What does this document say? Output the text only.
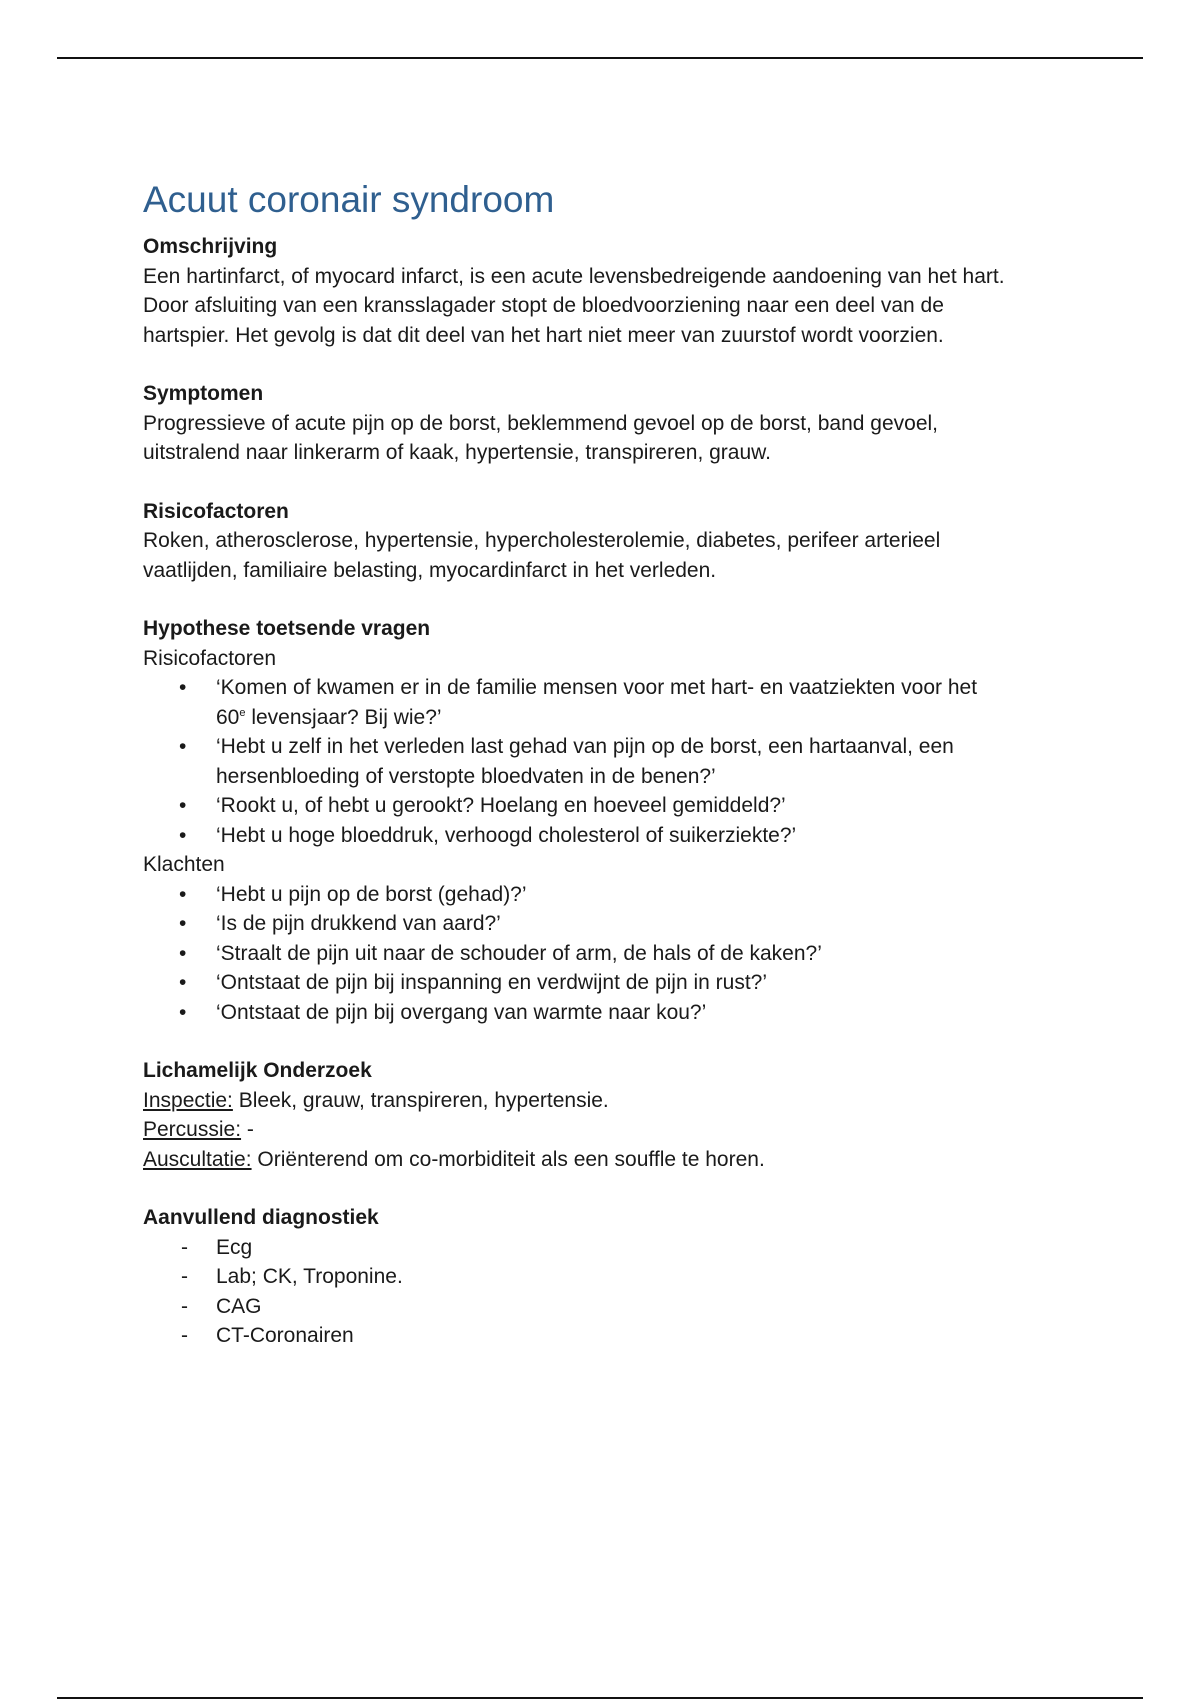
Acuut coronair syndroom

Omschrijving

Een hartinfarct, of myocard infarct, is een acute levensbedreigende aandoening van het hart.

Door afsluiting van een kransslagader stopt de bloedvoorziening naar een deel van de

hartspier. Het gevolg is dat dit deel van het hart niet meer van zuurstof wordt voorzien.

Symptomen

Progressieve of acute pijn op de borst, beklemmend gevoel op de borst, band gevoel,

uitstralend naar linkerarm of kaak, hypertensie, transpireren, grauw.

Risicofactoren

Roken, atherosclerose, hypertensie, hypercholesterolemie, diabetes, perifeer arterieel

vaatlijden, familiaire belasting, myocardinfarct in het verleden.

Hypothese toetsende vragen

Risicofactoren

• ‘Komen of kwamen er in de familie mensen voor met hart- en vaatziekten voor het
60e levensjaar? Bij wie?’
• ‘Hebt u zelf in het verleden last gehad van pijn op de borst, een hartaanval, een
hersenbloeding of verstopte bloedvaten in de benen?’
• ‘Rookt u, of hebt u gerookt? Hoelang en hoeveel gemiddeld?’
• ‘Hebt u hoge bloeddruk, verhoogd cholesterol of suikerziekte?’

Klachten

• ‘Hebt u pijn op de borst (gehad)?’
• ‘Is de pijn drukkend van aard?’
• ‘Straalt de pijn uit naar de schouder of arm, de hals of de kaken?’
• ‘Ontstaat de pijn bij inspanning en verdwijnt de pijn in rust?’
• ‘Ontstaat de pijn bij overgang van warmte naar kou?’

Lichamelijk Onderzoek

Inspectie: Bleek, grauw, transpireren, hypertensie.

Percussie: -

Auscultatie: Oriënterend om co-morbiditeit als een souffle te horen.

Aanvullend diagnostiek

- Ecg
- Lab; CK, Troponine.
- CAG
- CT-Coronairen
